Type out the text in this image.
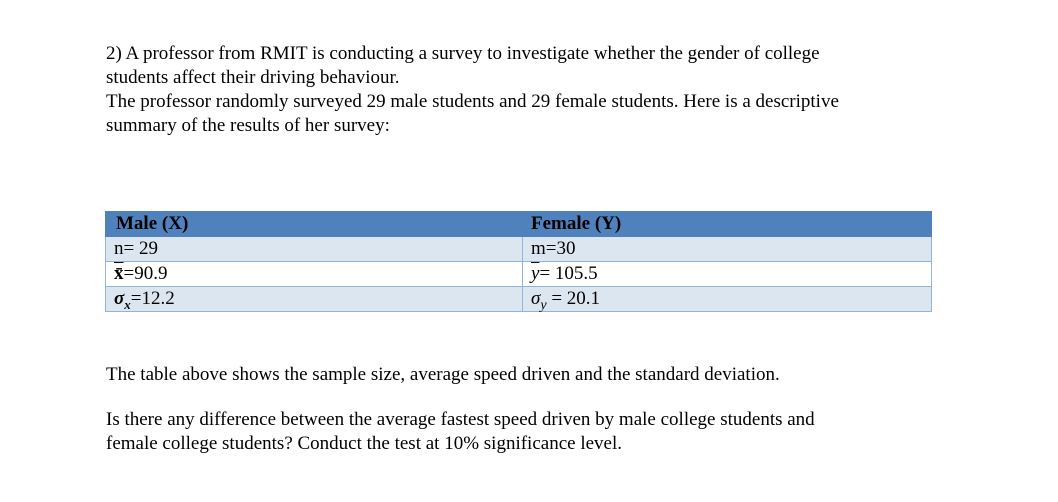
2) A professor from RMIT is conducting a survey to investigate whether the gender of college
students affect their driving behaviour.
The professor randomly surveyed 29 male students and 29 female students. Here is a descriptive
summary of the results of her survey:
Male (X)	Female (Y)
n= 29	m=30
x̄=90.9	$\overline{y}= 105.5$
$\sigma_x=12.2$	$\sigma_y = 20.1$
The table above shows the sample size, average speed driven and the standard deviation.
Is there any difference between the average fastest speed driven by male college students and
female college students? Conduct the test at 10% significance level.
